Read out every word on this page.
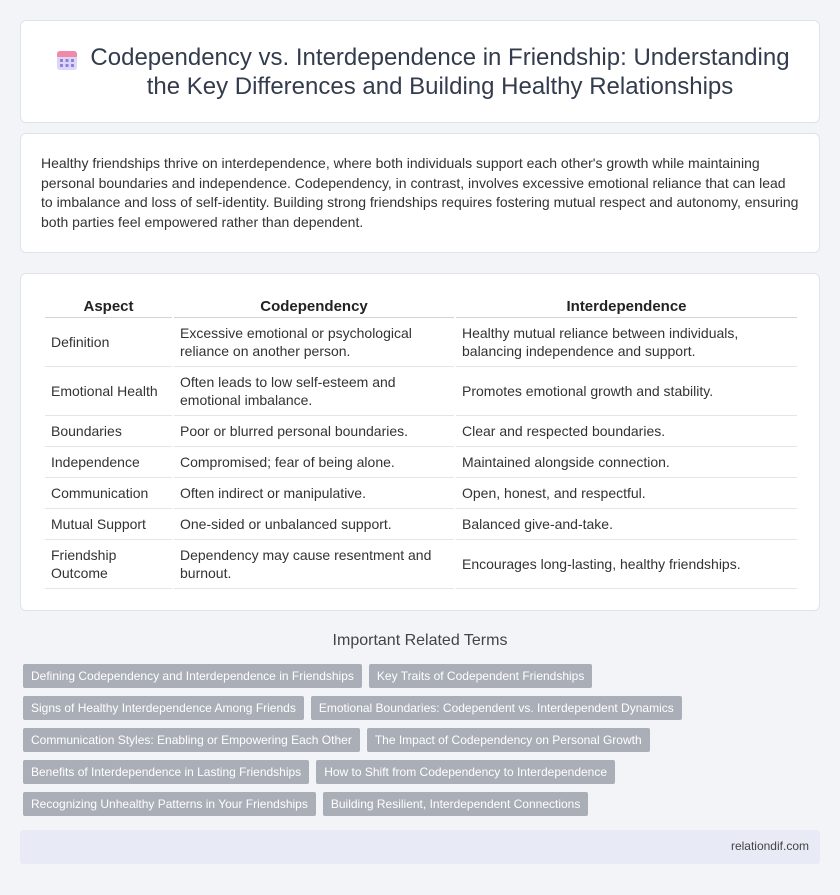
Codependency vs. Interdependence in Friendship: Understanding the Key Differences and Building Healthy Relationships

Healthy friendships thrive on interdependence, where both individuals support each other's growth while maintaining personal boundaries and independence. Codependency, in contrast, involves excessive emotional reliance that can lead to imbalance and loss of self-identity. Building strong friendships requires fostering mutual respect and autonomy, ensuring both parties feel empowered rather than dependent.

Aspect	Codependency	Interdependence
Definition	Excessive emotional or psychological reliance on another person.	Healthy mutual reliance between individuals, balancing independence and support.
Emotional Health	Often leads to low self-esteem and emotional imbalance.	Promotes emotional growth and stability.
Boundaries	Poor or blurred personal boundaries.	Clear and respected boundaries.
Independence	Compromised; fear of being alone.	Maintained alongside connection.
Communication	Often indirect or manipulative.	Open, honest, and respectful.
Mutual Support	One-sided or unbalanced support.	Balanced give-and-take.
Friendship Outcome	Dependency may cause resentment and burnout.	Encourages long-lasting, healthy friendships.
Important Related Terms
Defining Codependency and Interdependence in Friendships	Key Traits of Codependent Friendships
Signs of Healthy Interdependence Among Friends	Emotional Boundaries: Codependent vs. Interdependent Dynamics
Communication Styles: Enabling or Empowering Each Other	The Impact of Codependency on Personal Growth
Benefits of Interdependence in Lasting Friendships	How to Shift from Codependency to Interdependence
Recognizing Unhealthy Patterns in Your Friendships	Building Resilient, Interdependent Connections
relationdif.com
